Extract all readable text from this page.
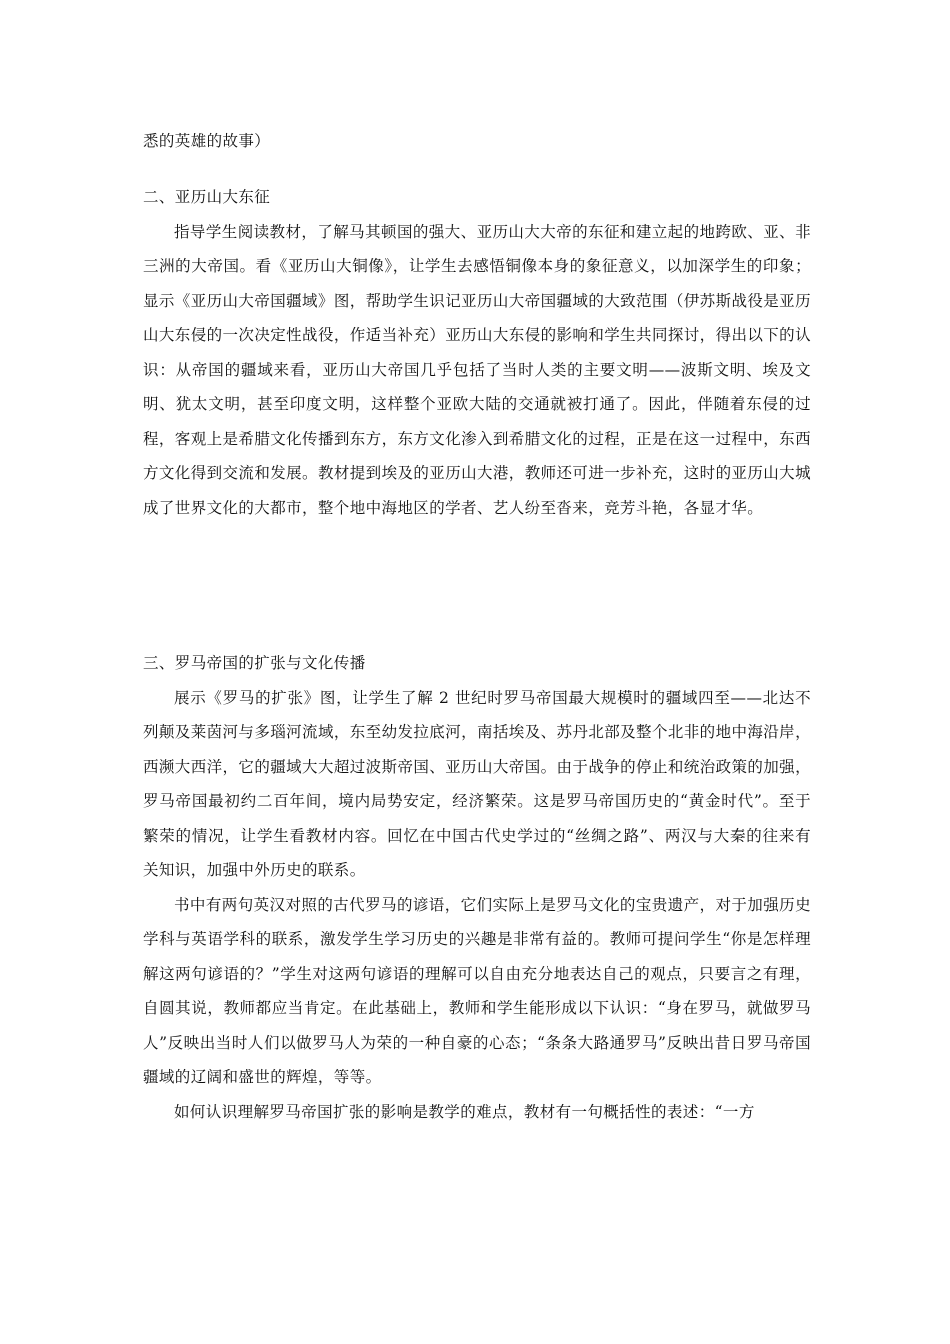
悉的英雄的故事）

二、亚历山大东征

指导学生阅读教材，了解马其顿国的强大、亚历山大大帝的东征和建立起的地跨欧、亚、非三洲的大帝国。看《亚历山大铜像》，让学生去感悟铜像本身的象征意义，以加深学生的印象；显示《亚历山大帝国疆域》图，帮助学生识记亚历山大帝国疆域的大致范围（伊苏斯战役是亚历山大东侵的一次决定性战役，作适当补充）亚历山大东侵的影响和学生共同探讨，得出以下的认识：从帝国的疆域来看，亚历山大帝国几乎包括了当时人类的主要文明——波斯文明、埃及文明、犹太文明，甚至印度文明，这样整个亚欧大陆的交通就被打通了。因此，伴随着东侵的过程，客观上是希腊文化传播到东方，东方文化渗入到希腊文化的过程，正是在这一过程中，东西方文化得到交流和发展。教材提到埃及的亚历山大港，教师还可进一步补充，这时的亚历山大城成了世界文化的大都市，整个地中海地区的学者、艺人纷至沓来，竞芳斗艳，各显才华。

三、罗马帝国的扩张与文化传播

展示《罗马的扩张》图，让学生了解 2 世纪时罗马帝国最大规模时的疆域四至——北达不列颠及莱茵河与多瑙河流域，东至幼发拉底河，南括埃及、苏丹北部及整个北非的地中海沿岸，西濒大西洋，它的疆域大大超过波斯帝国、亚历山大帝国。由于战争的停止和统治政策的加强，罗马帝国最初约二百年间，境内局势安定，经济繁荣。这是罗马帝国历史的“黄金时代”。至于繁荣的情况，让学生看教材内容。回忆在中国古代史学过的“丝绸之路”、两汉与大秦的往来有关知识，加强中外历史的联系。

书中有两句英汉对照的古代罗马的谚语，它们实际上是罗马文化的宝贵遗产，对于加强历史学科与英语学科的联系，激发学生学习历史的兴趣是非常有益的。教师可提问学生“你是怎样理解这两句谚语的？”学生对这两句谚语的理解可以自由充分地表达自己的观点，只要言之有理，自圆其说，教师都应当肯定。在此基础上，教师和学生能形成以下认识：“身在罗马，就做罗马人”反映出当时人们以做罗马人为荣的一种自豪的心态；“条条大路通罗马”反映出昔日罗马帝国疆域的辽阔和盛世的辉煌，等等。

如何认识理解罗马帝国扩张的影响是教学的难点，教材有一句概括性的表述：“一方
